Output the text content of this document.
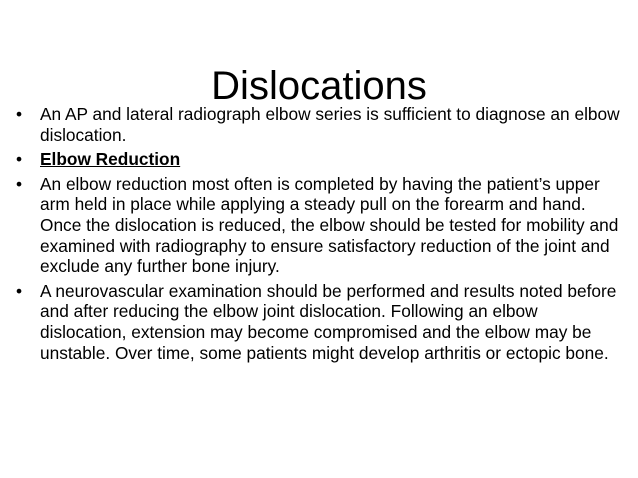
Dislocations
•	An AP and lateral radiograph elbow series is sufficient to diagnose an elbow dislocation.
•	Elbow Reduction
•	An elbow reduction most often is completed by having the patient’s upper arm held in place while applying a steady pull on the forearm and hand. Once the dislocation is reduced, the elbow should be tested for mobility and examined with radiography to ensure satisfactory reduction of the joint and exclude any further bone injury.
•	A neurovascular examination should be performed and results noted before and after reducing the elbow joint dislocation. Following an elbow dislocation, extension may become compromised and the elbow may be unstable. Over time, some patients might develop arthritis or ectopic bone.
